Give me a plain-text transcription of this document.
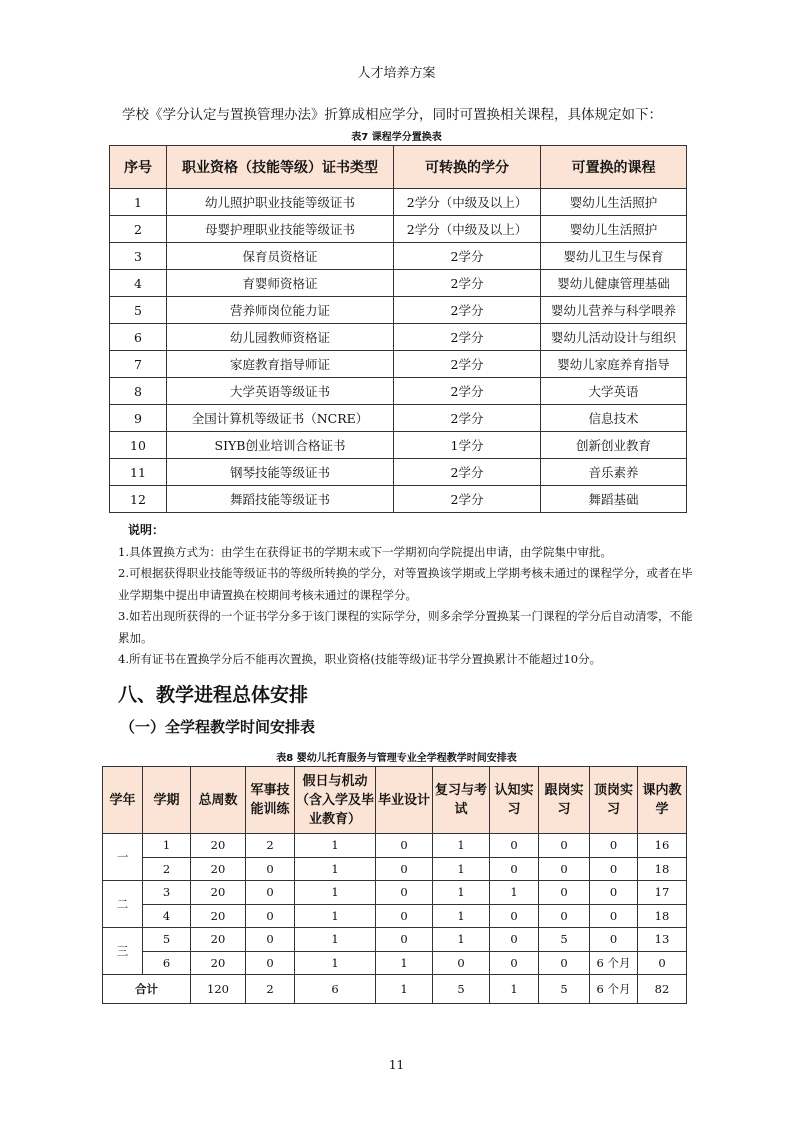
人才培养方案
学校《学分认定与置换管理办法》折算成相应学分，同时可置换相关课程，具体规定如下：
表7 课程学分置换表
序号	职业资格（技能等级）证书类型	可转换的学分	可置换的课程
1	幼儿照护职业技能等级证书	2学分（中级及以上）	婴幼儿生活照护
2	母婴护理职业技能等级证书	2学分（中级及以上）	婴幼儿生活照护
3	保育员资格证	2学分	婴幼儿卫生与保育
4	育婴师资格证	2学分	婴幼儿健康管理基础
5	营养师岗位能力证	2学分	婴幼儿营养与科学喂养
6	幼儿园教师资格证	2学分	婴幼儿活动设计与组织
7	家庭教育指导师证	2学分	婴幼儿家庭养育指导
8	大学英语等级证书	2学分	大学英语
9	全国计算机等级证书（NCRE）	2学分	信息技术
10	SIYB创业培训合格证书	1学分	创新创业教育
11	钢琴技能等级证书	2学分	音乐素养
12	舞蹈技能等级证书	2学分	舞蹈基础
说明：

1.具体置换方式为：由学生在获得证书的学期末或下一学期初向学院提出申请，由学院集中审批。

2.可根据获得职业技能等级证书的等级所转换的学分，对等置换该学期或上学期考核未通过的课程学分，或者在毕业学期集中提出申请置换在校期间考核未通过的课程学分。

3.如若出现所获得的一个证书学分多于该门课程的实际学分，则多余学分置换某一门课程的学分后自动清零，不能累加。

4.所有证书在置换学分后不能再次置换，职业资格(技能等级)证书学分置换累计不能超过10分。

八、教学进程总体安排
（一）全学程教学时间安排表
表8 婴幼儿托育服务与管理专业全学程教学时间安排表
学年	学期	总周数	军事技能训练	假日与机动（含入学及毕业教育）	毕业设计	复习与考试	认知实习	跟岗实习	顶岗实习	课内教学
一	1	20	2	1	0	1	0	0	0	16
	2	20	0	1	0	1	0	0	0	18
二	3	20	0	1	0	1	1	0	0	17
	4	20	0	1	0	1	0	0	0	18
三	5	20	0	1	0	1	0	5	0	13
	6	20	0	1	1	0	0	0	6 个月	0
合计		120	2	6	1	5	1	5	6 个月	82
11
